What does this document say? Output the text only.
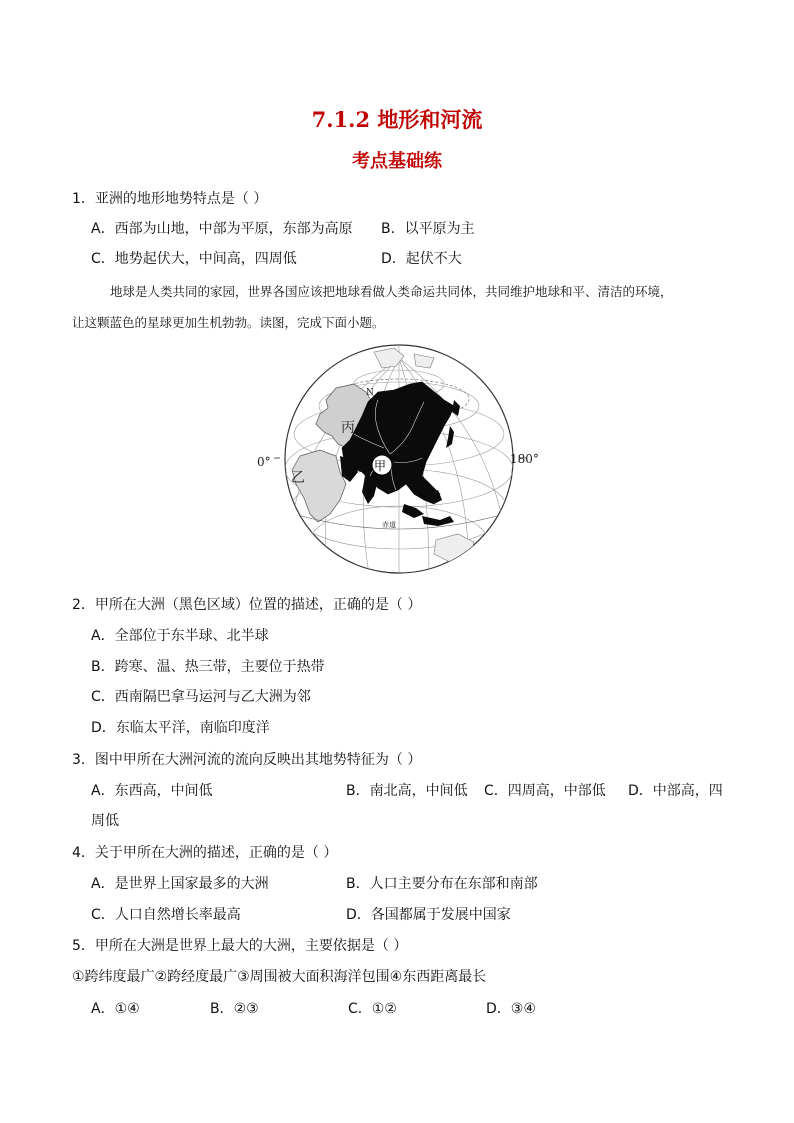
7.1.2 地形和河流
考点基础练
1．亚洲的地形地势特点是（ ）
A．西部为山地，中部为平原，东部为高原 B．以平原为主
C．地势起伏大，中间高，四周低	D．起伏不大
地球是人类共同的家园，世界各国应该把地球看做人类命运共同体，共同维护地球和平、清洁的环境，
让这颗蓝色的星球更加生机勃勃。读图，完成下面小题。
甲
乙
丙
0°	180°
N
赤道
2．甲所在大洲（黑色区域）位置的描述，正确的是（ ）
A．全部位于东半球、北半球
B．跨寒、温、热三带，主要位于热带
C．西南隔巴拿马运河与乙大洲为邻
D．东临太平洋，南临印度洋
3．图中甲所在大洲河流的流向反映出其地势特征为（ ）
A．东西高，中间低	B．南北高，中间低 C．四周高，中部低 D．中部高，四
周低
4．关于甲所在大洲的描述，正确的是（ ）
A．是世界上国家最多的大洲	B．人口主要分布在东部和南部
C．人口自然增长率最高	D．各国都属于发展中国家
5．甲所在大洲是世界上最大的大洲，主要依据是（ ）
①跨纬度最广②跨经度最广③周围被大面积海洋包围④东西距离最长
A．①④	B．②③	C．①②	D．③④
